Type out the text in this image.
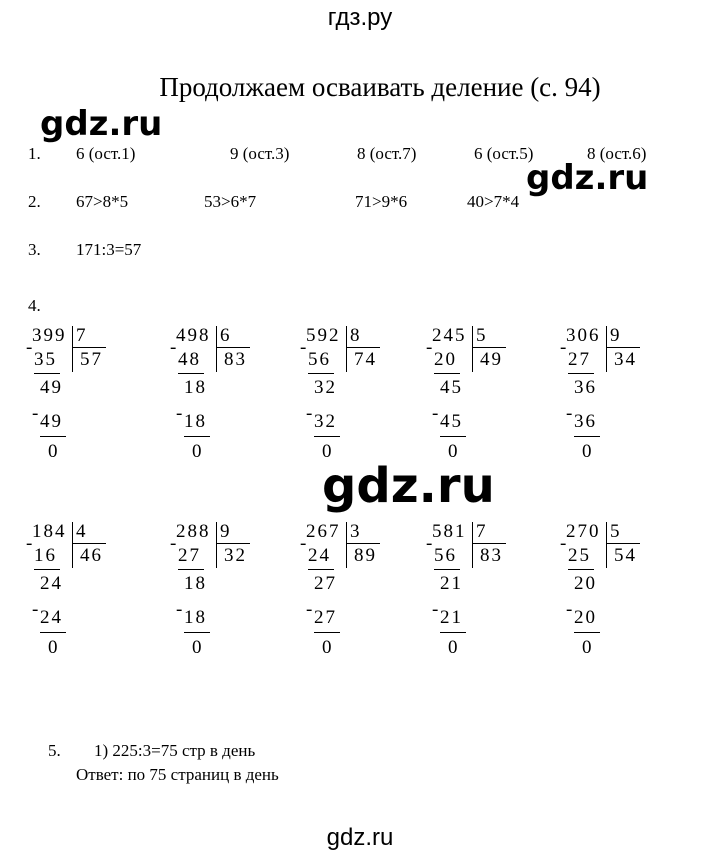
гдз.ру
Продолжаем осваивать деление (с. 94)
gdz.ru
gdz.ru
gdz.ru
1. 6 (ост.1)	9 (ост.3)	8 (ост.7)	6 (ост.5)	8 (ост.6)
2. 67>8*5	53>6*7	71>9*6	40>7*4
3. 171:3=57
4.
399 7
-
35 57
49
- 49
0
498 6
-
48 83
18
- 18
0
592 8
-
56 74
32
- 32
0
245 5
-
20 49
45
- 45
0
306 9
-
27 34
36
- 36
0
184 4
-
16 46
24
- 24
0
288 9
-
27 32
18
- 18
0
267 3
-
24 89
27
- 27
0
581 7
-
56 83
21
- 21
0
270 5
-
25 54
20
- 20
0
5. 1) 225:3=75 стр в день
Ответ: по 75 страниц в день
gdz.ru
